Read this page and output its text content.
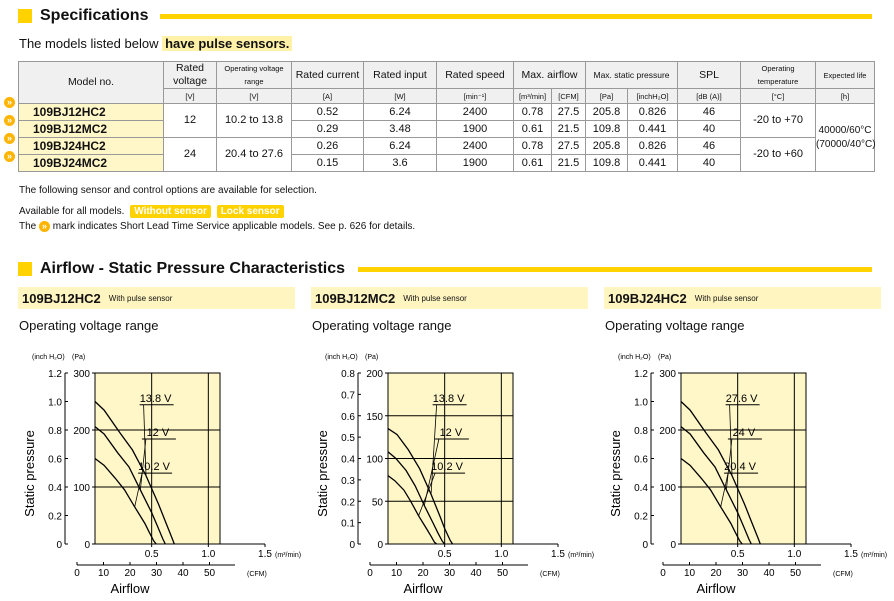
Specifications
The models listed below have pulse sensors.
»
»
»
»
Model no.	Rated voltage	Operating voltage range	Rated current	Rated input	Rated speed	Max. airflow		Max. static pressure		SPL	Operating temperature	Expected life
	[V]	[V]	[A]	[W]	[min⁻¹]	[m³/min]	[CFM]	[Pa]	[inchH₂O]	[dB (A)]	[°C]	[h]
109BJ12HC2	12	10.2 to 13.8	0.52	6.24	2400	0.78	27.5	205.8	0.826	46	-20 to +70	40000/60°C
(70000/40°C)
109BJ12MC2			0.29	3.48	1900	0.61	21.5	109.8	0.441	40		
109BJ24HC2	24	20.4 to 27.6	0.26	6.24	2400	0.78	27.5	205.8	0.826	46	-20 to +60	
109BJ24MC2			0.15	3.6	1900	0.61	21.5	109.8	0.441	40		
The following sensor and control options are available for selection.
Available for all models. Without sensor Lock sensor
The » mark indicates Short Lead Time Service applicable models. See p. 626 for details.
Airflow - Static Pressure Characteristics
109BJ12HC2 With pulse sensor	109BJ12MC2 With pulse sensor	109BJ24HC2 With pulse sensor
Operating voltage range	Operating voltage range	Operating voltage range
0
100
200
300
0
0.2
0.4
0.6
0.8
1.0
1.2
0.5	1.0	1.5 (m³/min)
0 10 20 30 40 50	(CFM)
Airflow
Static pressure
(inch H₂O) (Pa)
13.8 V
12 V
10.2 V
0
50
100
150
200
0
0.1
0.2
0.3
0.4
0.5
0.6
0.7
0.8
0.5	1.0	1.5 (m³/min)
0 10 20 30 40 50	(CFM)
Airflow
Static pressure
(inch H₂O) (Pa)
13.8 V
12 V
10.2 V
0
100
200
300
0
0.2
0.4
0.6
0.8
1.0
1.2
0.5	1.0	1.5 (m³/min)
0 10 20 30 40 50	(CFM)
Airflow
Static pressure
(inch H₂O) (Pa)
27.6 V
24 V
20.4 V
